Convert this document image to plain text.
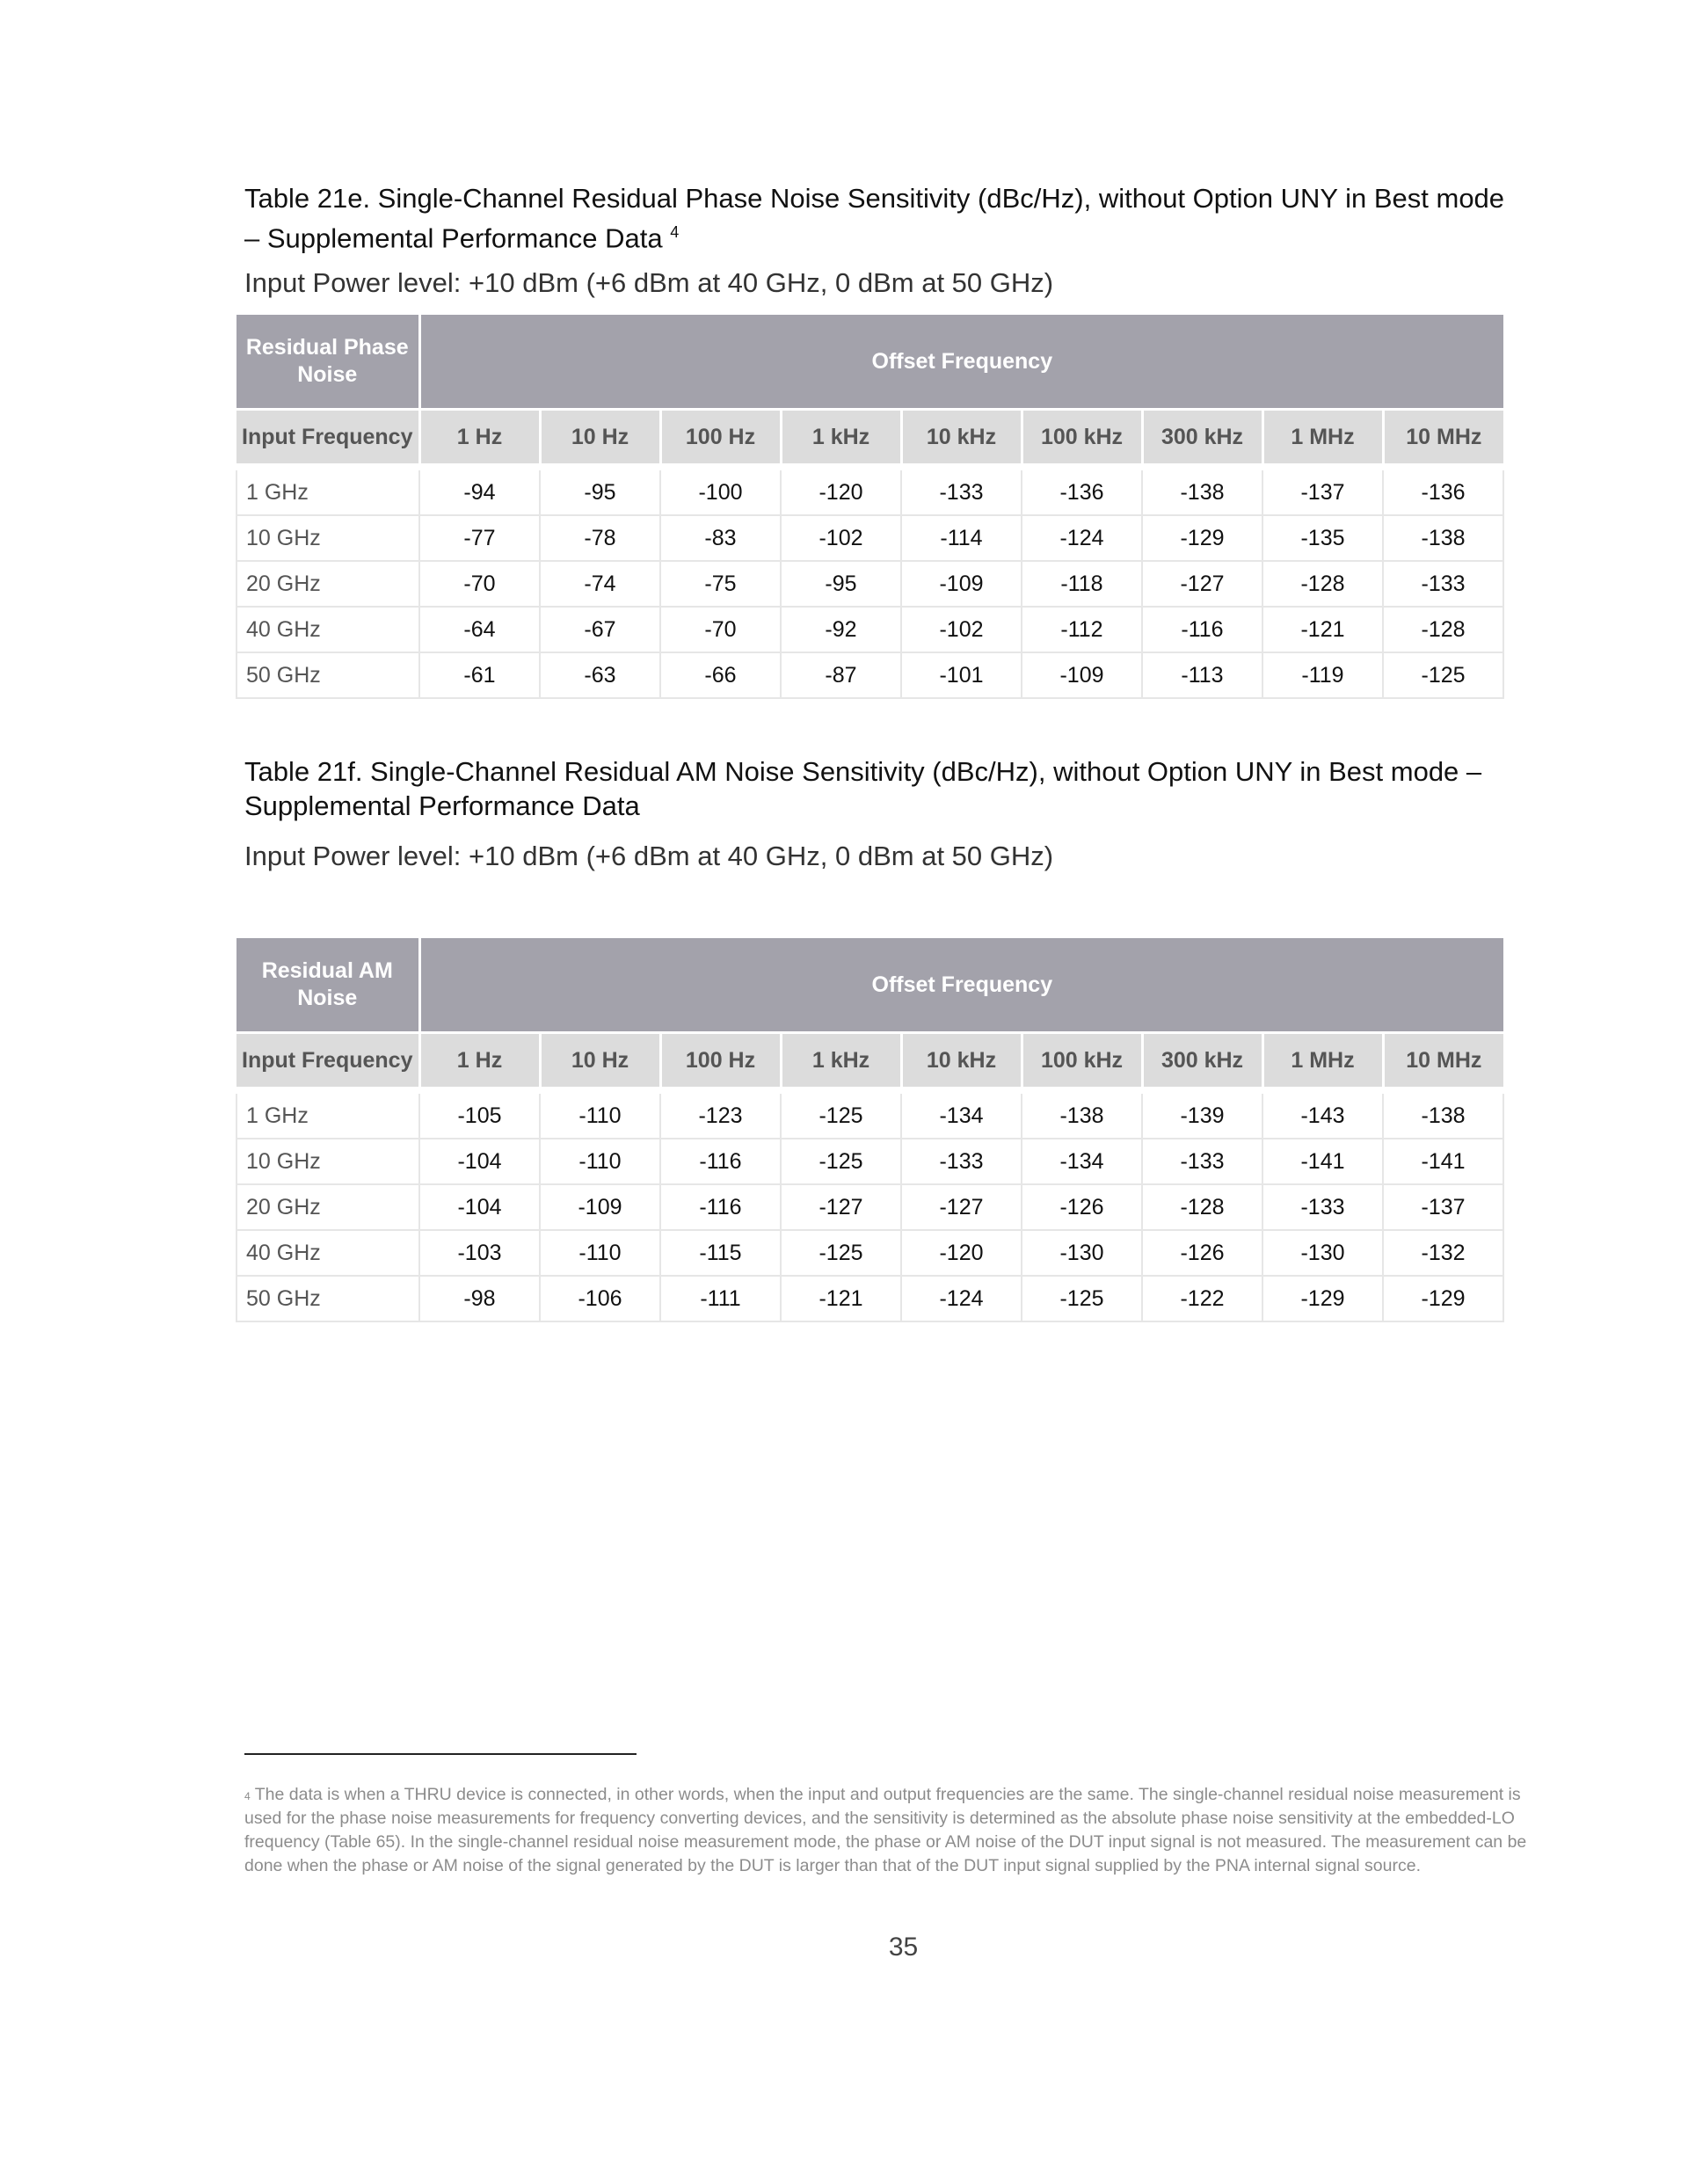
Table 21e. Single-Channel Residual Phase Noise Sensitivity (dBc/Hz), without Option UNY in Best mode – Supplemental Performance Data $^4$
Input Power level: +10 dBm (+6 dBm at 40 GHz, 0 dBm at 50 GHz)
Residual Phase Noise	Offset Frequency								
Input Frequency	1 Hz	10 Hz	100 Hz	1 kHz	10 kHz	100 kHz	300 kHz	1 MHz	10 MHz
1 GHz	-94	-95	-100	-120	-133	-136	-138	-137	-136
10 GHz	-77	-78	-83	-102	-114	-124	-129	-135	-138
20 GHz	-70	-74	-75	-95	-109	-118	-127	-128	-133
40 GHz	-64	-67	-70	-92	-102	-112	-116	-121	-128
50 GHz	-61	-63	-66	-87	-101	-109	-113	-119	-125
Table 21f. Single-Channel Residual AM Noise Sensitivity (dBc/Hz), without Option UNY in Best mode – Supplemental Performance Data
Input Power level: +10 dBm (+6 dBm at 40 GHz, 0 dBm at 50 GHz)
Residual AM Noise	Offset Frequency								
Input Frequency	1 Hz	10 Hz	100 Hz	1 kHz	10 kHz	100 kHz	300 kHz	1 MHz	10 MHz
1 GHz	-105	-110	-123	-125	-134	-138	-139	-143	-138
10 GHz	-104	-110	-116	-125	-133	-134	-133	-141	-141
20 GHz	-104	-109	-116	-127	-127	-126	-128	-133	-137
40 GHz	-103	-110	-115	-125	-120	-130	-126	-130	-132
50 GHz	-98	-106	-111	-121	-124	-125	-122	-129	-129
$^4$ The data is when a THRU device is connected, in other words, when the input and output frequencies are the same. The single-channel residual noise measurement is used for the phase noise measurements for frequency converting devices, and the sensitivity is determined as the absolute phase noise sensitivity at the embedded-LO frequency (Table 65). In the single-channel residual noise measurement mode, the phase or AM noise of the DUT input signal is not measured. The measurement can be done when the phase or AM noise of the signal generated by the DUT is larger than that of the DUT input signal supplied by the PNA internal signal source.
35
